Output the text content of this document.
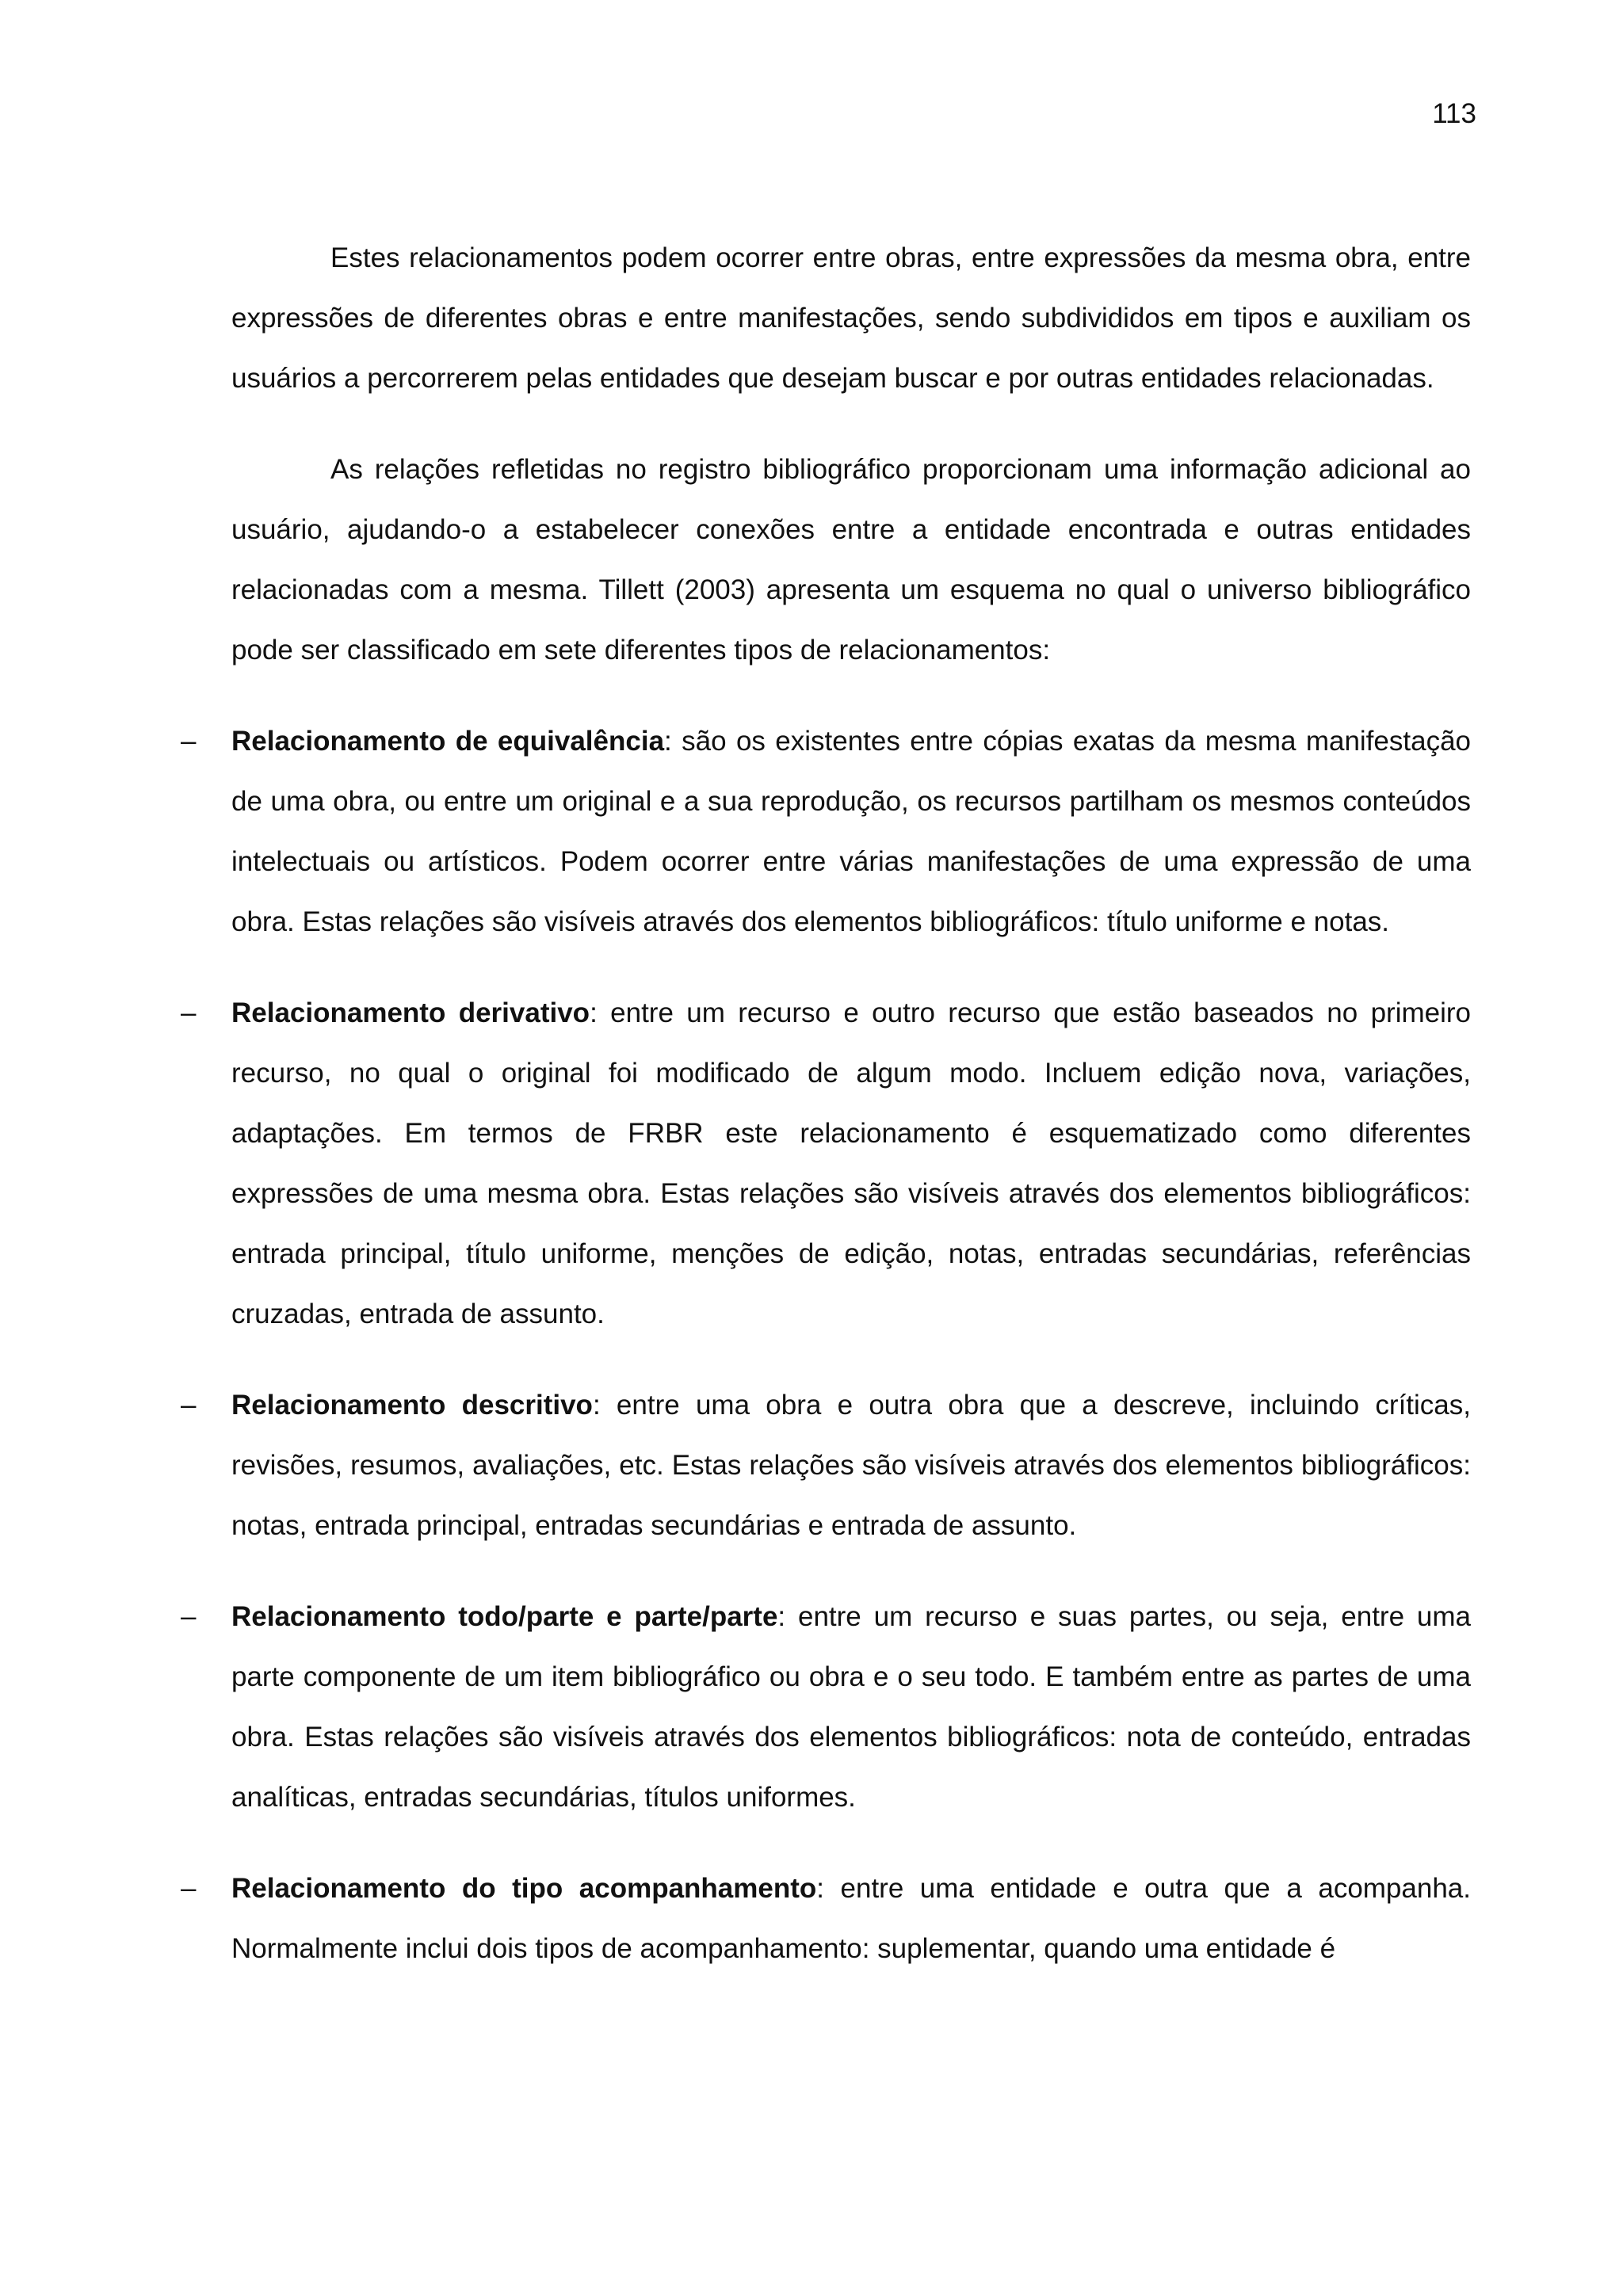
113

Estes relacionamentos podem ocorrer entre obras, entre expressões da mesma obra, entre expressões de diferentes obras e entre manifestações, sendo subdivididos em tipos e auxiliam os usuários a percorrerem pelas entidades que desejam buscar e por outras entidades relacionadas.

As relações refletidas no registro bibliográfico proporcionam uma informação adicional ao usuário, ajudando-o a estabelecer conexões entre a entidade encontrada e outras entidades relacionadas com a mesma. Tillett (2003) apresenta um esquema no qual o universo bibliográfico pode ser classificado em sete diferentes tipos de relacionamentos:

–	Relacionamento de equivalência: são os existentes entre cópias exatas da mesma manifestação de uma obra, ou entre um original e a sua reprodução, os recursos partilham os mesmos conteúdos intelectuais ou artísticos. Podem ocorrer entre várias manifestações de uma expressão de uma obra. Estas relações são visíveis através dos elementos bibliográficos: título uniforme e notas.
–	Relacionamento derivativo: entre um recurso e outro recurso que estão baseados no primeiro recurso, no qual o original foi modificado de algum modo. Incluem edição nova, variações, adaptações. Em termos de FRBR este relacionamento é esquematizado como diferentes expressões de uma mesma obra. Estas relações são visíveis através dos elementos bibliográficos: entrada principal, título uniforme, menções de edição, notas, entradas secundárias, referências cruzadas, entrada de assunto.
–	Relacionamento descritivo: entre uma obra e outra obra que a descreve, incluindo críticas, revisões, resumos, avaliações, etc. Estas relações são visíveis através dos elementos bibliográficos: notas, entrada principal, entradas secundárias e entrada de assunto.
–	Relacionamento todo/parte e parte/parte: entre um recurso e suas partes, ou seja, entre uma parte componente de um item bibliográfico ou obra e o seu todo. E também entre as partes de uma obra. Estas relações são visíveis através dos elementos bibliográficos: nota de conteúdo, entradas analíticas, entradas secundárias, títulos uniformes.
–	Relacionamento do tipo acompanhamento: entre uma entidade e outra que a acompanha. Normalmente inclui dois tipos de acompanhamento: suplementar, quando uma entidade é
